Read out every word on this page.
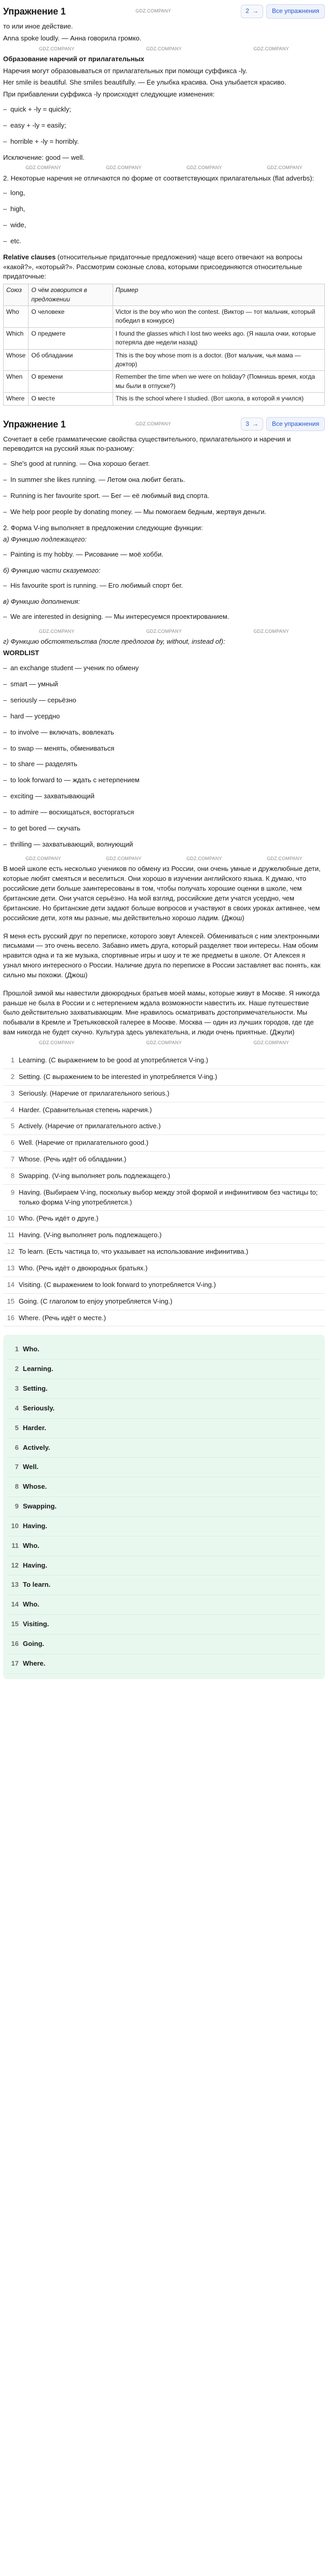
Упражнение 1	GDZ.COMPANY	2 →	Все упражнения

то или иное действие.

Anna spoke loudly. — Анна говорила громко.

GDZ.COMPANY	GDZ.COMPANY	GDZ.COMPANY

Образование наречий от прилагательных

Наречия могут образовываться от прилагательных при помощи суффикса -ly.

Her smile is beautiful. She smiles beautifully. — Ее улыбка красива. Она улыбается красиво.

При прибавлении суффикса -ly происходят следующие изменения:

– quick + -ly = quickly;
– easy + -ly = easily;
– horrible + -ly = horribly.

Исключение: good — well.

GDZ.COMPANY	GDZ.COMPANY	GDZ.COMPANY	GDZ.COMPANY

2. Некоторые наречия не отличаются по форме от соответствующих прилагательных (flat adverbs):

– long,
– high,
– wide,
– etc.

Relative clauses (относительные придаточные предложения) чаще всего отвечают на вопросы «какой?», «который?». Рассмотрим союзные слова, которыми присоединяются относительные придаточные:

Союз	О чём говорится в предложении	Пример
Who	О человеке	Victor is the boy who won the contest. (Виктор — тот мальчик, который победил в конкурсе)
Which	О предмете	I found the glasses which I lost two weeks ago. (Я нашла очки, которые потеряла две недели назад)
Whose	Об обладании	This is the boy whose mom is a doctor. (Вот мальчик, чья мама — доктор)
When	О времени	Remember the time when we were on holiday? (Помнишь время, когда мы были в отпуске?)
Where	О месте	This is the school where I studied. (Вот школа, в которой я учился)
Упражнение 1	GDZ.COMPANY	3 →	Все упражнения

Сочетает в себе грамматические свойства существительного, прилагательного и наречия и переводится на русский язык по-разному:

– She's good at running. — Она хорошо бегает.
– In summer she likes running. — Летом она любит бегать.
– Running is her favourite sport. — Бег — её любимый вид спорта.
– We help poor people by donating money. — Мы помогаем бедным, жертвуя деньги.

2. Форма V-ing выполняет в предложении следующие функции:

а) Функцию подлежащего:

– Painting is my hobby. — Рисование — моё хобби.

б) Функцию части сказуемого:

– His favourite sport is running. — Его любимый спорт бег.

в) Функцию дополнения:

– We are interested in designing. — Мы интересуемся проектированием.
GDZ.COMPANY	GDZ.COMPANY	GDZ.COMPANY

г) Функцию обстоятельства (после предлогов by, without, instead of):

WORDLIST

– an exchange student — ученик по обмену
– smart — умный
– seriously — серьёзно
– hard — усердно
– to involve — включать, вовлекать
– to swap — менять, обмениваться
– to share — разделять
– to look forward to — ждать с нетерпением
– exciting — захватывающий
– to admire — восхищаться, восторгаться
– to get bored — скучать
– thrilling — захватывающий, волнующий
GDZ.COMPANY	GDZ.COMPANY	GDZ.COMPANY	GDZ.COMPANY

В моей школе есть несколько учеников по обмену из России, они очень умные и дружелюбные дети, которые любят смеяться и веселиться. Они хорошо в изучении английского языка. К думаю, что российские дети больше заинтересованы в том, чтобы получать хорошие оценки в школе, чем британские дети. Они учатся серьёзно. На мой взгляд, российские дети учатся усердно, чем британские. Но британские дети задают больше вопросов и участвуют в своих уроках активнее, чем российские дети, хотя мы разные, мы действительно хорошо ладим. (Джош)

Я меня есть русский друг по переписке, которого зовут Алексей. Обмениваться с ним электронными письмами — это очень весело. Забавно иметь друга, который разделяет твои интересы. Нам обоим нравится одна и та же музыка, спортивные игры и шоу и те же предметы в школе. От Алексея я узнал много интересного о России. Наличие друга по переписке в России заставляет вас понять, как сильно мы похожи. (Джош)

Прошлой зимой мы навестили двоюродных братьев моей мамы, которые живут в Москве. Я никогда раньше не была в России и с нетерпением ждала возможности навестить их. Наше путешествие было действительно захватывающим. Мне нравилось осматривать достопримечательности. Мы побывали в Кремле и Третьяковской галерее в Москве. Москва — один из лучших городов, где где вам никогда не будет скучно. Культура здесь увлекательна, и люди очень приятные. (Джули)

GDZ.COMPANY	GDZ.COMPANY	GDZ.COMPANY
1 Learning. (С выражением to be good at употребляется V-ing.)
2 Setting. (С выражением to be interested in употребляется V-ing.)
3 Seriously. (Наречие от прилагательного serious.)
4 Harder. (Сравнительная степень наречия.)
5 Actively. (Наречие от прилагательного active.)
6 Well. (Наречие от прилагательного good.)
7 Whose. (Речь идёт об обладании.)
8 Swapping. (V-ing выполняет роль подлежащего.)
9 Having. (Выбираем V-ing, поскольку выбор между этой формой и инфинитивом без частицы to; только форма V-ing употребляется.)
10 Who. (Речь идёт о друге.)
11 Having. (V-ing выполняет роль подлежащего.)
12 To learn. (Есть частица to, что указывает на использование инфинитива.)
13 Who. (Речь идёт о двоюродных братьях.)
14 Visiting. (С выражением to look forward to употребляется V-ing.)
15 Going. (С глаголом to enjoy употребляется V-ing.)
16 Where. (Речь идёт о месте.)
1 Who.
2 Learning.
3 Setting.
4 Seriously.
5 Harder.
6 Actively.
7 Well.
8 Whose.
9 Swapping.
10 Having.
11 Who.
12 Having.
13 To learn.
14 Who.
15 Visiting.
16 Going.
17 Where.
